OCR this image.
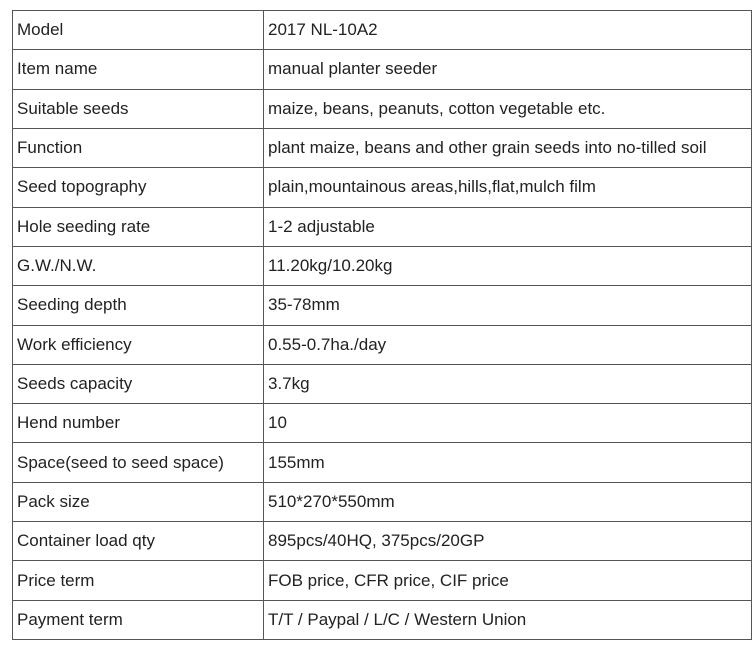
Model	2017 NL-10A2
Item name	manual planter seeder
Suitable seeds	maize, beans, peanuts, cotton vegetable etc.
Function	plant maize, beans and other grain seeds into no-tilled soil
Seed topography	plain,mountainous areas,hills,flat,mulch film
Hole seeding rate	1-2 adjustable
G.W./N.W.	11.20kg/10.20kg
Seeding depth	35-78mm
Work efficiency	0.55-0.7ha./day
Seeds capacity	3.7kg
Hend number	10
Space(seed to seed space)	155mm
Pack size	510*270*550mm
Container load qty	895pcs/40HQ, 375pcs/20GP
Price term	FOB price, CFR price, CIF price
Payment term	T/T / Paypal / L/C / Western Union
